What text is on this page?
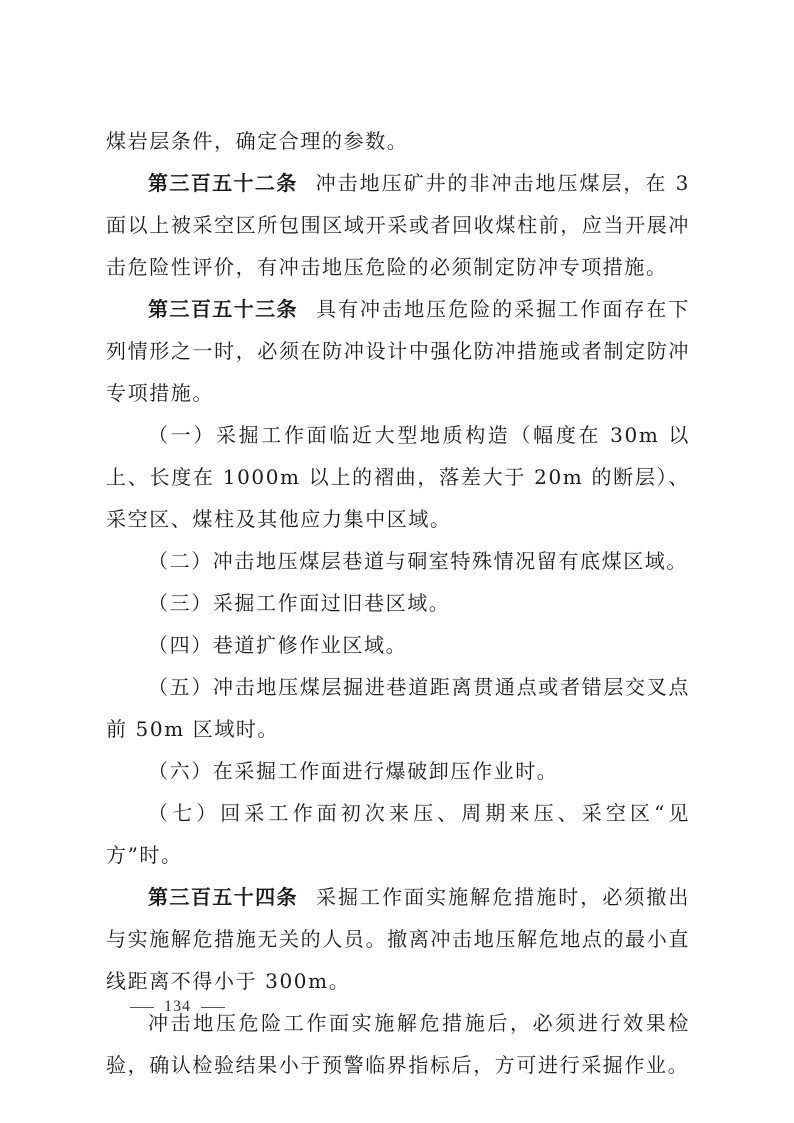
煤岩层条件，确定合理的参数。

第三百五十二条 冲击地压矿井的非冲击地压煤层，在 3 面以上被采空区所包围区域开采或者回收煤柱前，应当开展冲击危险性评价，有冲击地压危险的必须制定防冲专项措施。

第三百五十三条 具有冲击地压危险的采掘工作面存在下列情形之一时，必须在防冲设计中强化防冲措施或者制定防冲专项措施。

（一）采掘工作面临近大型地质构造（幅度在 30m 以上、长度在 1000m 以上的褶曲，落差大于 20m 的断层）、采空区、煤柱及其他应力集中区域。

（二）冲击地压煤层巷道与硐室特殊情况留有底煤区域。

（三）采掘工作面过旧巷区域。

（四）巷道扩修作业区域。

（五）冲击地压煤层掘进巷道距离贯通点或者错层交叉点前 50m 区域时。

（六）在采掘工作面进行爆破卸压作业时。

（七）回采工作面初次来压、周期来压、采空区“见方”时。

第三百五十四条 采掘工作面实施解危措施时，必须撤出与实施解危措施无关的人员。撤离冲击地压解危地点的最小直线距离不得小于 300m。

冲击地压危险工作面实施解危措施后，必须进行效果检验，确认检验结果小于预警临界指标后，方可进行采掘作业。

134
